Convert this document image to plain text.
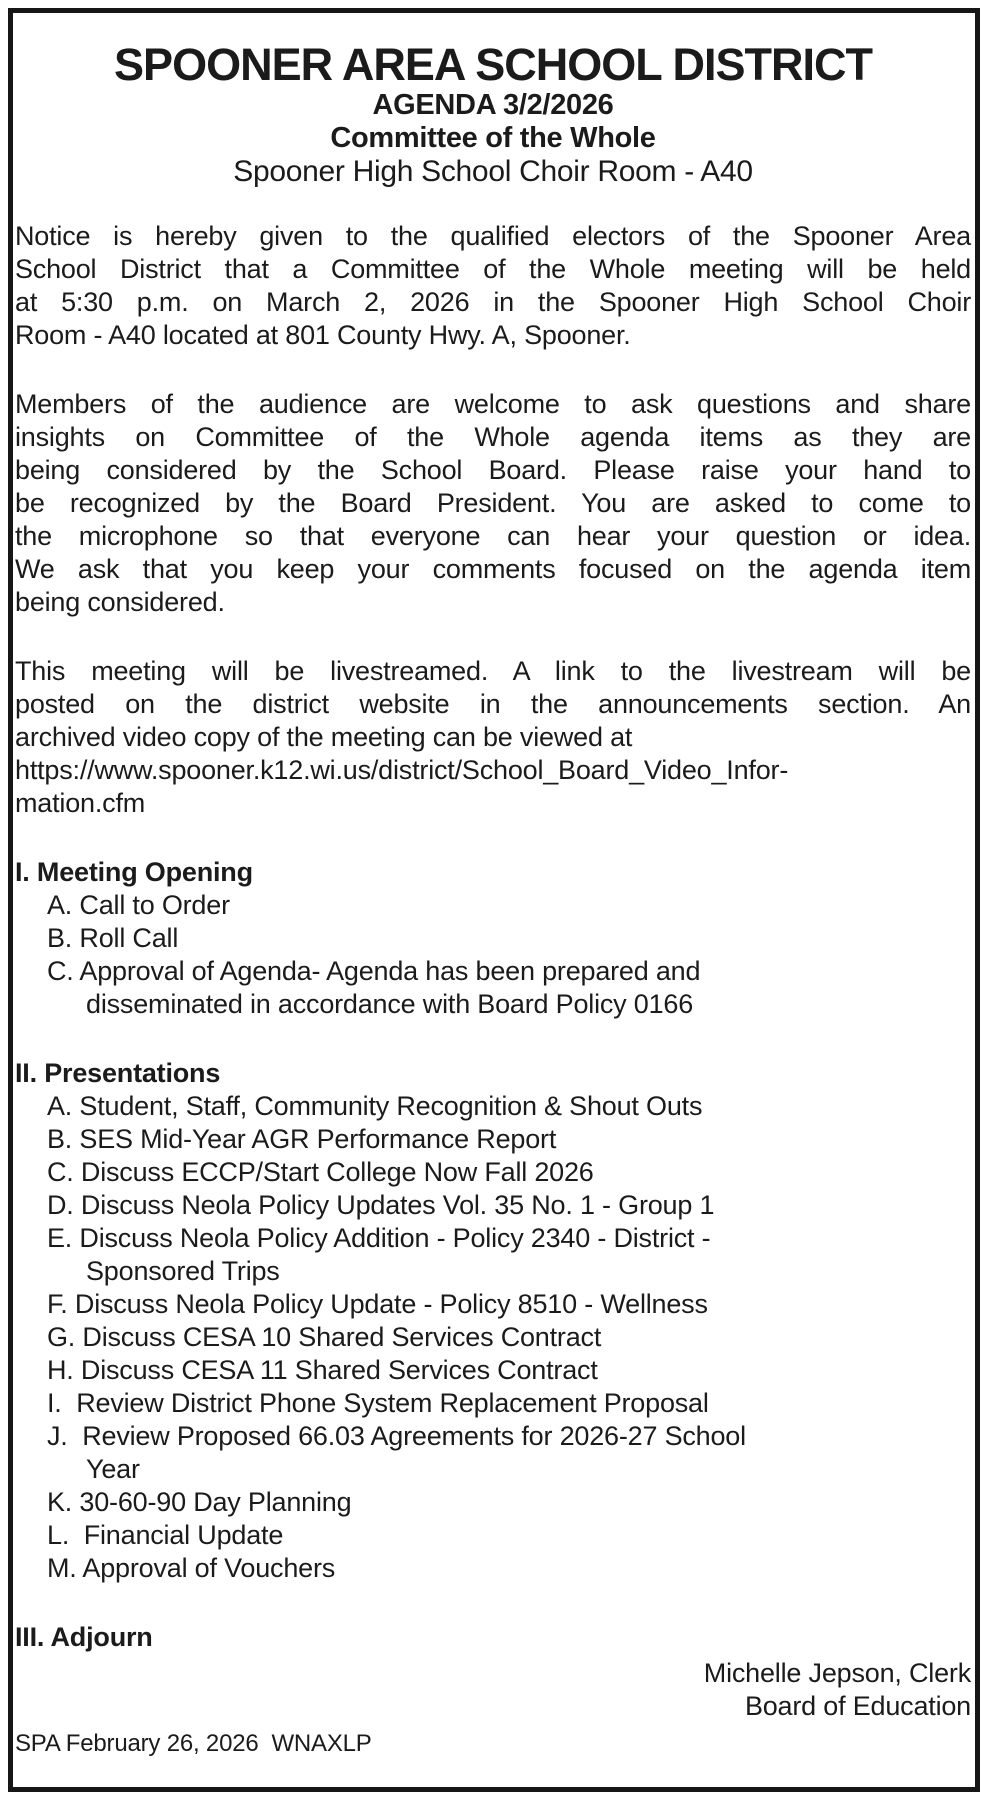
SPOONER AREA SCHOOL DISTRICT
AGENDA 3/2/2026
Committee of the Whole
Spooner High School Choir Room - A40
Notice is hereby given to the qualified electors of the Spooner Area
School District that a Committee of the Whole meeting will be held
at 5:30 p.m. on March 2, 2026 in the Spooner High School Choir
Room - A40 located at 801 County Hwy. A, Spooner.
Members of the audience are welcome to ask questions and share
insights on Committee of the Whole agenda items as they are
being considered by the School Board. Please raise your hand to
be recognized by the Board President. You are asked to come to
the microphone so that everyone can hear your question or idea.
We ask that you keep your comments focused on the agenda item
being considered.
This meeting will be livestreamed. A link to the livestream will be
posted on the district website in the announcements section. An
archived video copy of the meeting can be viewed at
https://www.spooner.k12.wi.us/district/School_Board_Video_Infor-
mation.cfm
I. Meeting Opening
A. Call to Order
B. Roll Call
C. Approval of Agenda- Agenda has been prepared and
disseminated in accordance with Board Policy 0166
II. Presentations
A. Student, Staff, Community Recognition & Shout Outs
B. SES Mid-Year AGR Performance Report
C. Discuss ECCP/Start College Now Fall 2026
D. Discuss Neola Policy Updates Vol. 35 No. 1 - Group 1
E. Discuss Neola Policy Addition - Policy 2340 - District -
Sponsored Trips
F. Discuss Neola Policy Update - Policy 8510 - Wellness
G. Discuss CESA 10 Shared Services Contract
H. Discuss CESA 11 Shared Services Contract
I.  Review District Phone System Replacement Proposal
J.  Review Proposed 66.03 Agreements for 2026-27 School
Year
K. 30-60-90 Day Planning
L.  Financial Update
M. Approval of Vouchers
III. Adjourn
Michelle Jepson, Clerk
Board of Education
SPA February 26, 2026  WNAXLP
